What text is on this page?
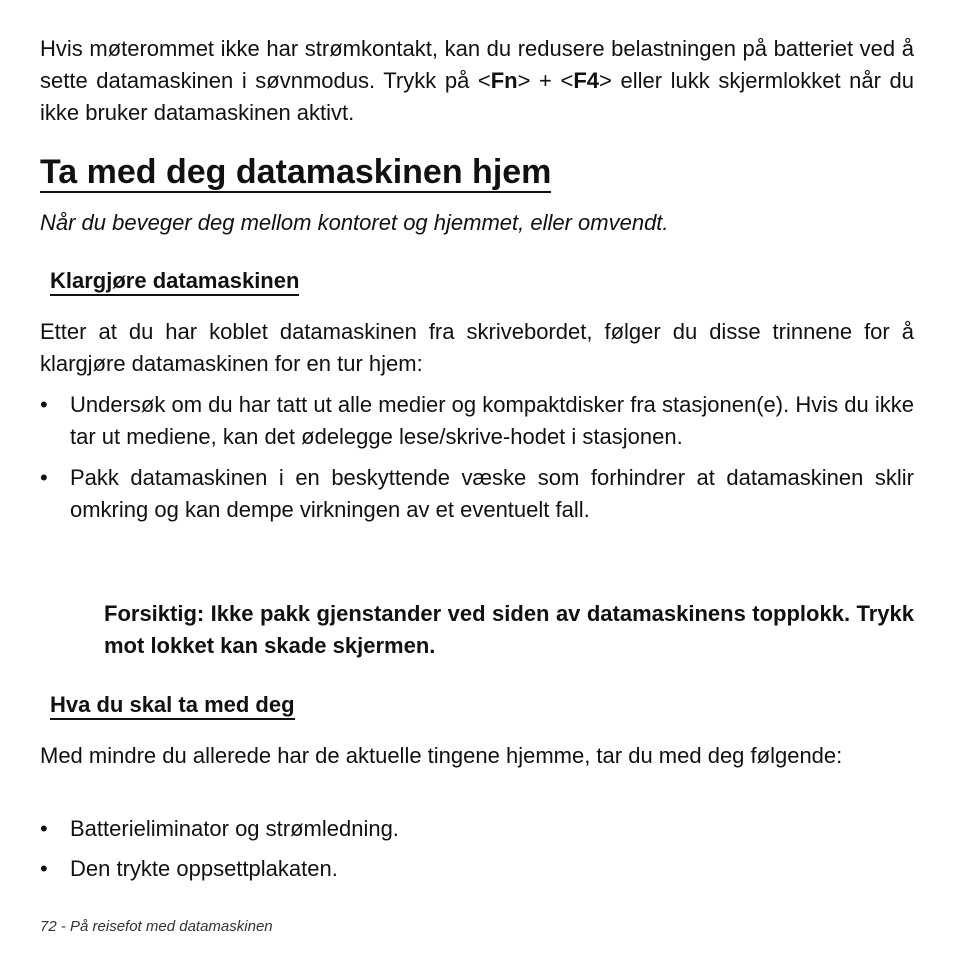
Hvis møterommet ikke har strømkontakt, kan du redusere belastningen på batteriet ved å sette datamaskinen i søvnmodus. Trykk på <Fn> + <F4> eller lukk skjermlokket når du ikke bruker datamaskinen aktivt.

Ta med deg datamaskinen hjem

Når du beveger deg mellom kontoret og hjemmet, eller omvendt.

Klargjøre datamaskinen

Etter at du har koblet datamaskinen fra skrivebordet, følger du disse trinnene for å klargjøre datamaskinen for en tur hjem:

• Undersøk om du har tatt ut alle medier og kompaktdisker fra stasjonen(e). Hvis du ikke tar ut mediene, kan det ødelegge lese/skrive-hodet i stasjonen.
• Pakk datamaskinen i en beskyttende væske som forhindrer at datamaskinen sklir omkring og kan dempe virkningen av et eventuelt fall.

Forsiktig: Ikke pakk gjenstander ved siden av datamaskinens topplokk. Trykk mot lokket kan skade skjermen.

Hva du skal ta med deg

Med mindre du allerede har de aktuelle tingene hjemme, tar du med deg følgende:

• Batterieliminator og strømledning.
• Den trykte oppsettplakaten.

72 - På reisefot med datamaskinen
